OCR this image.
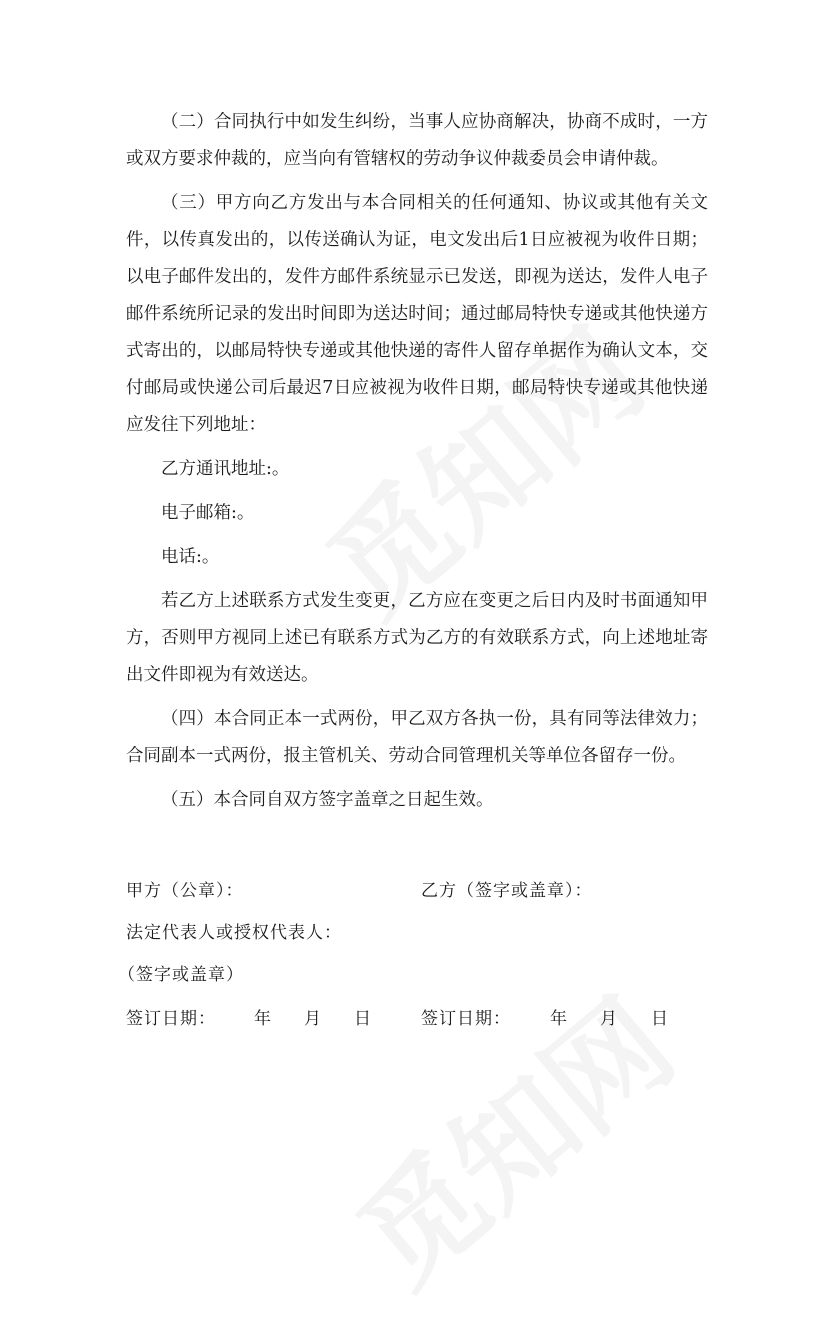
（二）合同执行中如发生纠纷，当事人应协商解决，协商不成时，一方或双方要求仲裁的，应当向有管辖权的劳动争议仲裁委员会申请仲裁。

（三）甲方向乙方发出与本合同相关的任何通知、协议或其他有关文件，以传真发出的，以传送确认为证，电文发出后1日应被视为收件日期；以电子邮件发出的，发件方邮件系统显示已发送，即视为送达，发件人电子邮件系统所记录的发出时间即为送达时间；通过邮局特快专递或其他快递方式寄出的，以邮局特快专递或其他快递的寄件人留存单据作为确认文本，交付邮局或快递公司后最迟7日应被视为收件日期，邮局特快专递或其他快递应发往下列地址：

乙方通讯地址:。

电子邮箱:。

电话:。

若乙方上述联系方式发生变更，乙方应在变更之后日内及时书面通知甲方，否则甲方视同上述已有联系方式为乙方的有效联系方式，向上述地址寄出文件即视为有效送达。

（四）本合同正本一式两份，甲乙双方各执一份，具有同等法律效力；合同副本一式两份，报主管机关、劳动合同管理机关等单位各留存一份。

（五）本合同自双方签字盖章之日起生效。

甲方（公章）：	乙方（签字或盖章）：
法定代表人或授权代表人：
（签字或盖章）
签订日期： 年 月 日	签订日期： 年 月 日
